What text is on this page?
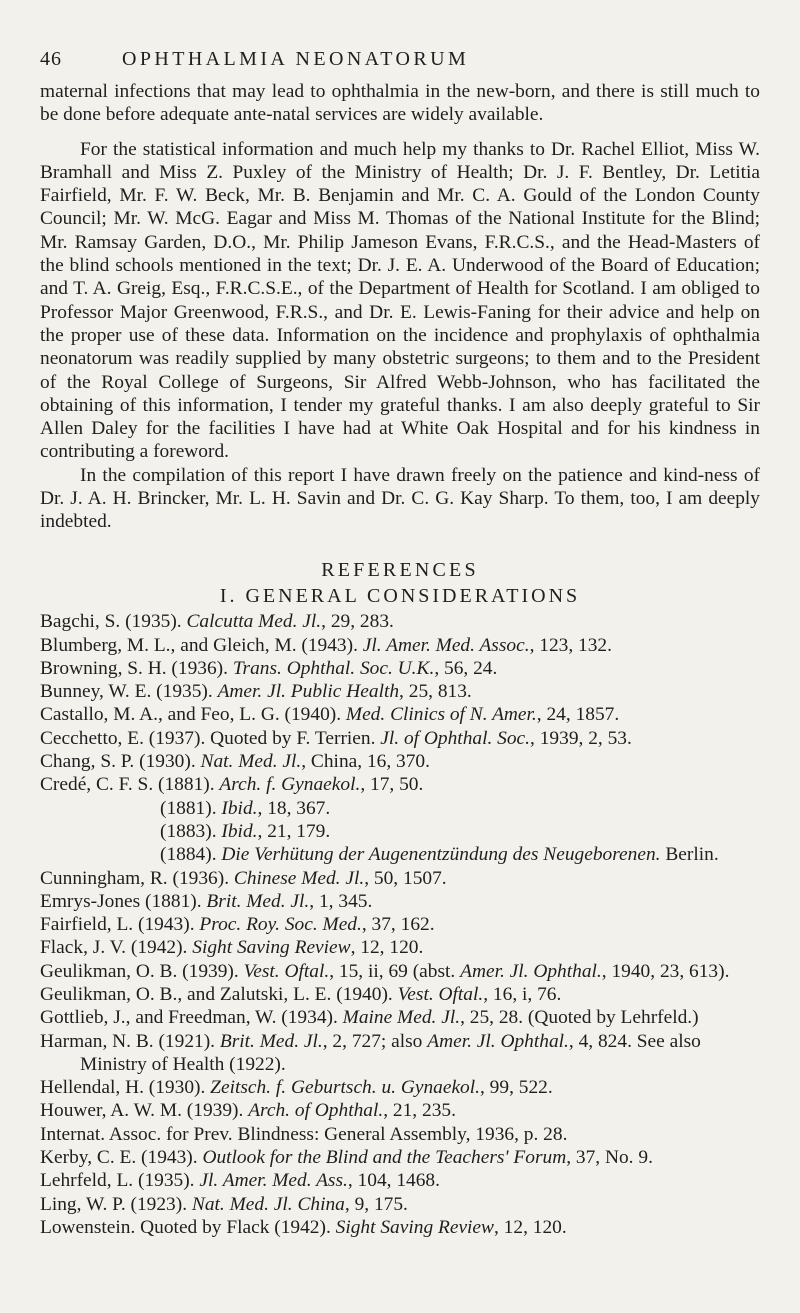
46	OPHTHALMIA NEONATORUM

maternal infections that may lead to ophthalmia in the new-born, and there is still much to be done before adequate ante-natal services are widely available.

For the statistical information and much help my thanks to Dr. Rachel Elliot, Miss W. Bramhall and Miss Z. Puxley of the Ministry of Health; Dr. J. F. Bentley, Dr. Letitia Fairfield, Mr. F. W. Beck, Mr. B. Benjamin and Mr. C. A. Gould of the London County Council; Mr. W. McG. Eagar and Miss M. Thomas of the National Institute for the Blind; Mr. Ramsay Garden, D.O., Mr. Philip Jameson Evans, F.R.C.S., and the Head-Masters of the blind schools mentioned in the text; Dr. J. E. A. Underwood of the Board of Education; and T. A. Greig, Esq., F.R.C.S.E., of the Department of Health for Scotland. I am obliged to Professor Major Greenwood, F.R.S., and Dr. E. Lewis-Faning for their advice and help on the proper use of these data. Information on the incidence and prophylaxis of ophthalmia neonatorum was readily supplied by many obstetric surgeons; to them and to the President of the Royal College of Surgeons, Sir Alfred Webb-Johnson, who has facilitated the obtaining of this information, I tender my grateful thanks. I am also deeply grateful to Sir Allen Daley for the facilities I have had at White Oak Hospital and for his kindness in contributing a foreword.

In the compilation of this report I have drawn freely on the patience and kind-ness of Dr. J. A. H. Brincker, Mr. L. H. Savin and Dr. C. G. Kay Sharp. To them, too, I am deeply indebted.

REFERENCES
I. GENERAL CONSIDERATIONS
Bagchi, S. (1935). Calcutta Med. Jl., 29, 283.
Blumberg, M. L., and Gleich, M. (1943). Jl. Amer. Med. Assoc., 123, 132.
Browning, S. H. (1936). Trans. Ophthal. Soc. U.K., 56, 24.
Bunney, W. E. (1935). Amer. Jl. Public Health, 25, 813.
Castallo, M. A., and Feo, L. G. (1940). Med. Clinics of N. Amer., 24, 1857.
Cecchetto, E. (1937). Quoted by F. Terrien. Jl. of Ophthal. Soc., 1939, 2, 53.
Chang, S. P. (1930). Nat. Med. Jl., China, 16, 370.
Credé, C. F. S. (1881). Arch. f. Gynaekol., 17, 50.
(1881). Ibid., 18, 367.
(1883). Ibid., 21, 179.
(1884). Die Verhütung der Augenentzündung des Neugeborenen. Berlin.
Cunningham, R. (1936). Chinese Med. Jl., 50, 1507.
Emrys-Jones (1881). Brit. Med. Jl., 1, 345.
Fairfield, L. (1943). Proc. Roy. Soc. Med., 37, 162.
Flack, J. V. (1942). Sight Saving Review, 12, 120.
Geulikman, O. B. (1939). Vest. Oftal., 15, ii, 69 (abst. Amer. Jl. Ophthal., 1940, 23, 613).
Geulikman, O. B., and Zalutski, L. E. (1940). Vest. Oftal., 16, i, 76.
Gottlieb, J., and Freedman, W. (1934). Maine Med. Jl., 25, 28. (Quoted by Lehrfeld.)
Harman, N. B. (1921). Brit. Med. Jl., 2, 727; also Amer. Jl. Ophthal., 4, 824. See also Ministry of Health (1922).
Hellendal, H. (1930). Zeitsch. f. Geburtsch. u. Gynaekol., 99, 522.
Houwer, A. W. M. (1939). Arch. of Ophthal., 21, 235.
Internat. Assoc. for Prev. Blindness: General Assembly, 1936, p. 28.
Kerby, C. E. (1943). Outlook for the Blind and the Teachers' Forum, 37, No. 9.
Lehrfeld, L. (1935). Jl. Amer. Med. Ass., 104, 1468.
Ling, W. P. (1923). Nat. Med. Jl. China, 9, 175.
Lowenstein. Quoted by Flack (1942). Sight Saving Review, 12, 120.
